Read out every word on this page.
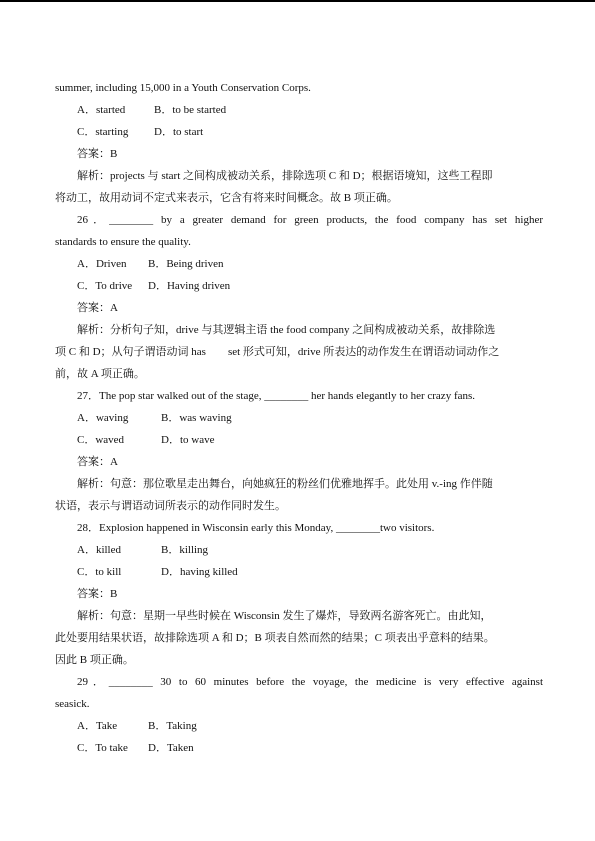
summer, including 15,000 in a Youth Conservation Corps.
A．started	B．to be started
C．starting D．to start
答案：B
解析：projects 与 start 之间构成被动关系，排除选项 C 和 D；根据语境知，这些工程即
将动工，故用动词不定式来表示，它含有将来时间概念。故 B 项正确。
26．________ by a greater demand for green products, the food company has set higher
standards to ensure the quality.
A．Driven B．Being driven
C．To drive D．Having driven
答案：A
解析：分析句子知，drive 与其逻辑主语 the food company 之间构成被动关系，故排除选
项 C 和 D；从句子谓语动词 has　　set 形式可知，drive 所表达的动作发生在谓语动词动作之
前，故 A 项正确。
27．The pop star walked out of the stage, ________ her hands elegantly to her crazy fans.
A．waving	B．was waving
C．waved	D．to wave
答案：A
解析：句意：那位歌星走出舞台，向她疯狂的粉丝们优雅地挥手。此处用 v.-ing 作伴随
状语，表示与谓语动词所表示的动作同时发生。
28．Explosion happened in Wisconsin early this Monday, ________two visitors.
A．killed	B．killing
C．to kill	D．having killed
答案：B
解析：句意：星期一早些时候在 Wisconsin 发生了爆炸，导致两名游客死亡。由此知，
此处要用结果状语，故排除选项 A 和 D；B 项表自然而然的结果；C 项表出乎意料的结果。
因此 B 项正确。
29．________ 30 to 60 minutes before the voyage, the medicine is very effective against
seasick.
A．Take	B．Taking
C．To take D．Taken
